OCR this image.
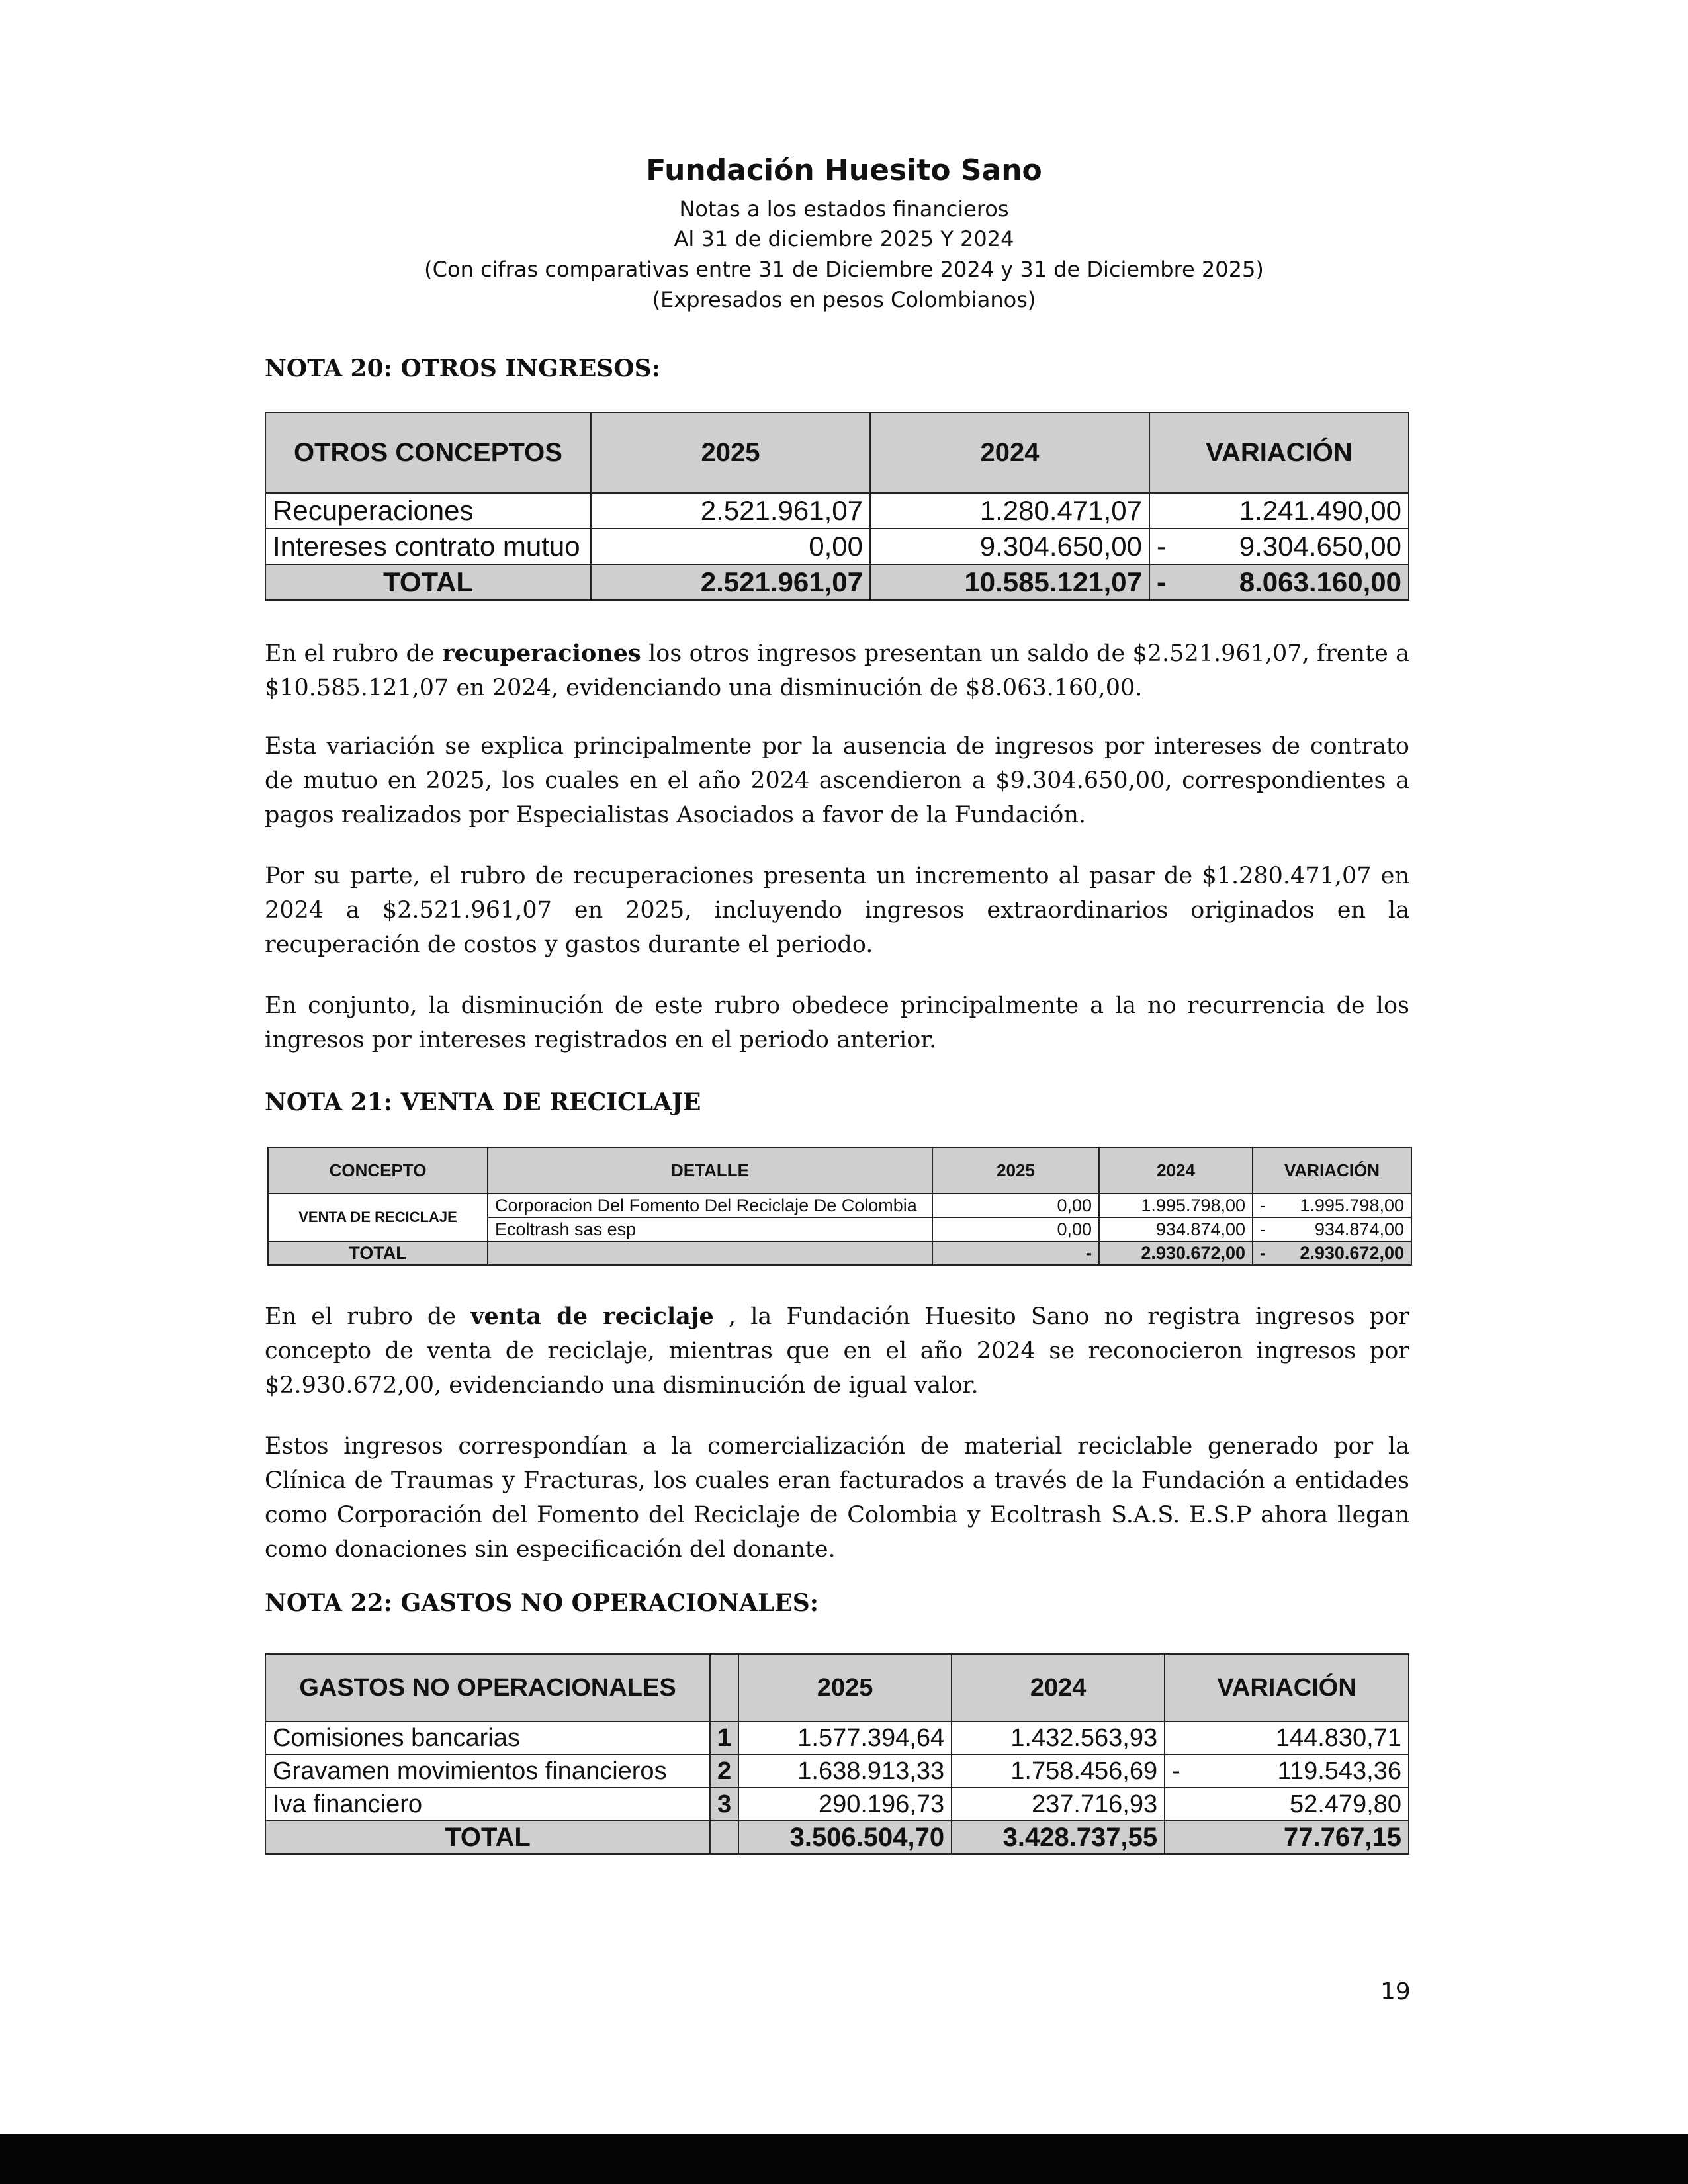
Fundación Huesito Sano
Notas a los estados financieros
Al 31 de diciembre 2025 Y 2024
(Con cifras comparativas entre 31 de Diciembre 2024 y 31 de Diciembre 2025)
(Expresados en pesos Colombianos)
NOTA 20: OTROS INGRESOS:
OTROS CONCEPTOS	2025	2024	VARIACIÓN
Recuperaciones	2.521.961,07	1.280.471,07	1.241.490,00
Intereses contrato mutuo	0,00	9.304.650,00	- 9.304.650,00
TOTAL	2.521.961,07	10.585.121,07	- 8.063.160,00
En el rubro de recuperaciones los otros ingresos presentan un saldo de $2.521.961,07, frente a $10.585.121,07 en 2024, evidenciando una disminución de $8.063.160,00.
Esta variación se explica principalmente por la ausencia de ingresos por intereses de contrato de mutuo en 2025, los cuales en el año 2024 ascendieron a $9.304.650,00, correspondientes a pagos realizados por Especialistas Asociados a favor de la Fundación.
Por su parte, el rubro de recuperaciones presenta un incremento al pasar de $1.280.471,07 en 2024 a $2.521.961,07 en 2025, incluyendo ingresos extraordinarios originados en la recuperación de costos y gastos durante el periodo.
En conjunto, la disminución de este rubro obedece principalmente a la no recurrencia de los ingresos por intereses registrados en el periodo anterior.
NOTA 21: VENTA DE RECICLAJE
CONCEPTO	DETALLE	2025	2024	VARIACIÓN
VENTA DE RECICLAJE	Corporacion Del Fomento Del Reciclaje De Colombia	0,00	1.995.798,00	- 1.995.798,00
	Ecoltrash sas esp	0,00	934.874,00	- 934.874,00
TOTAL		-	2.930.672,00	- 2.930.672,00
En el rubro de venta de reciclaje , la Fundación Huesito Sano no registra ingresos por concepto de venta de reciclaje, mientras que en el año 2024 se reconocieron ingresos por $2.930.672,00, evidenciando una disminución de igual valor.
Estos ingresos correspondían a la comercialización de material reciclable generado por la Clínica de Traumas y Fracturas, los cuales eran facturados a través de la Fundación a entidades como Corporación del Fomento del Reciclaje de Colombia y Ecoltrash S.A.S. E.S.P ahora llegan como donaciones sin especificación del donante.
NOTA 22: GASTOS NO OPERACIONALES:
GASTOS NO OPERACIONALES		2025	2024	VARIACIÓN
Comisiones bancarias	1	1.577.394,64	1.432.563,93	144.830,71
Gravamen movimientos financieros	2	1.638.913,33	1.758.456,69	- 119.543,36
Iva financiero	3	290.196,73	237.716,93	52.479,80
TOTAL		3.506.504,70	3.428.737,55	77.767,15
19
